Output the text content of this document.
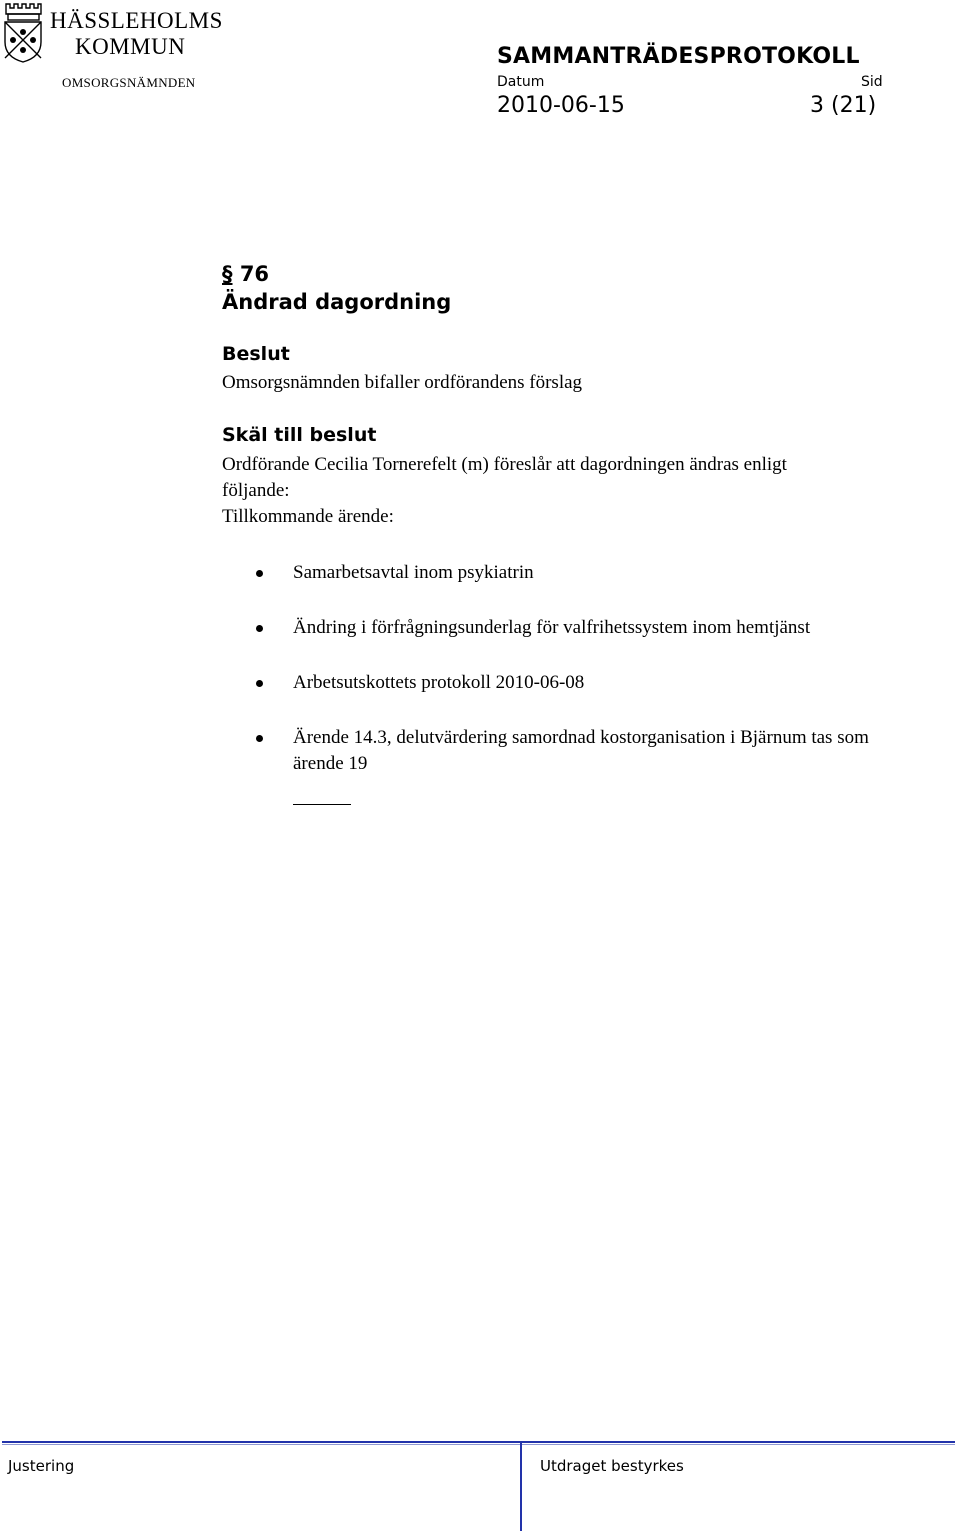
HÄSSLEHOLMS
KOMMUN
OMSORGSNÄMNDEN
SAMMANTRÄDESPROTOKOLL
Datum	Sid
2010-06-15	3 (21)
§ 76
Ändrad dagordning
Beslut
Omsorgsnämnden bifaller ordförandens förslag
Skäl till beslut
Ordförande Cecilia Tornerefelt (m) föreslår att dagordningen ändras enligt
följande:
Tillkommande ärende:
Samarbetsavtal inom psykiatrin
Ändring i förfrågningsunderlag för valfrihetssystem inom hemtjänst
Arbetsutskottets protokoll 2010-06-08
Ärende 14.3, delutvärdering samordnad kostorganisation i Bjärnum tas som ärende 19
Justering	Utdraget bestyrkes
